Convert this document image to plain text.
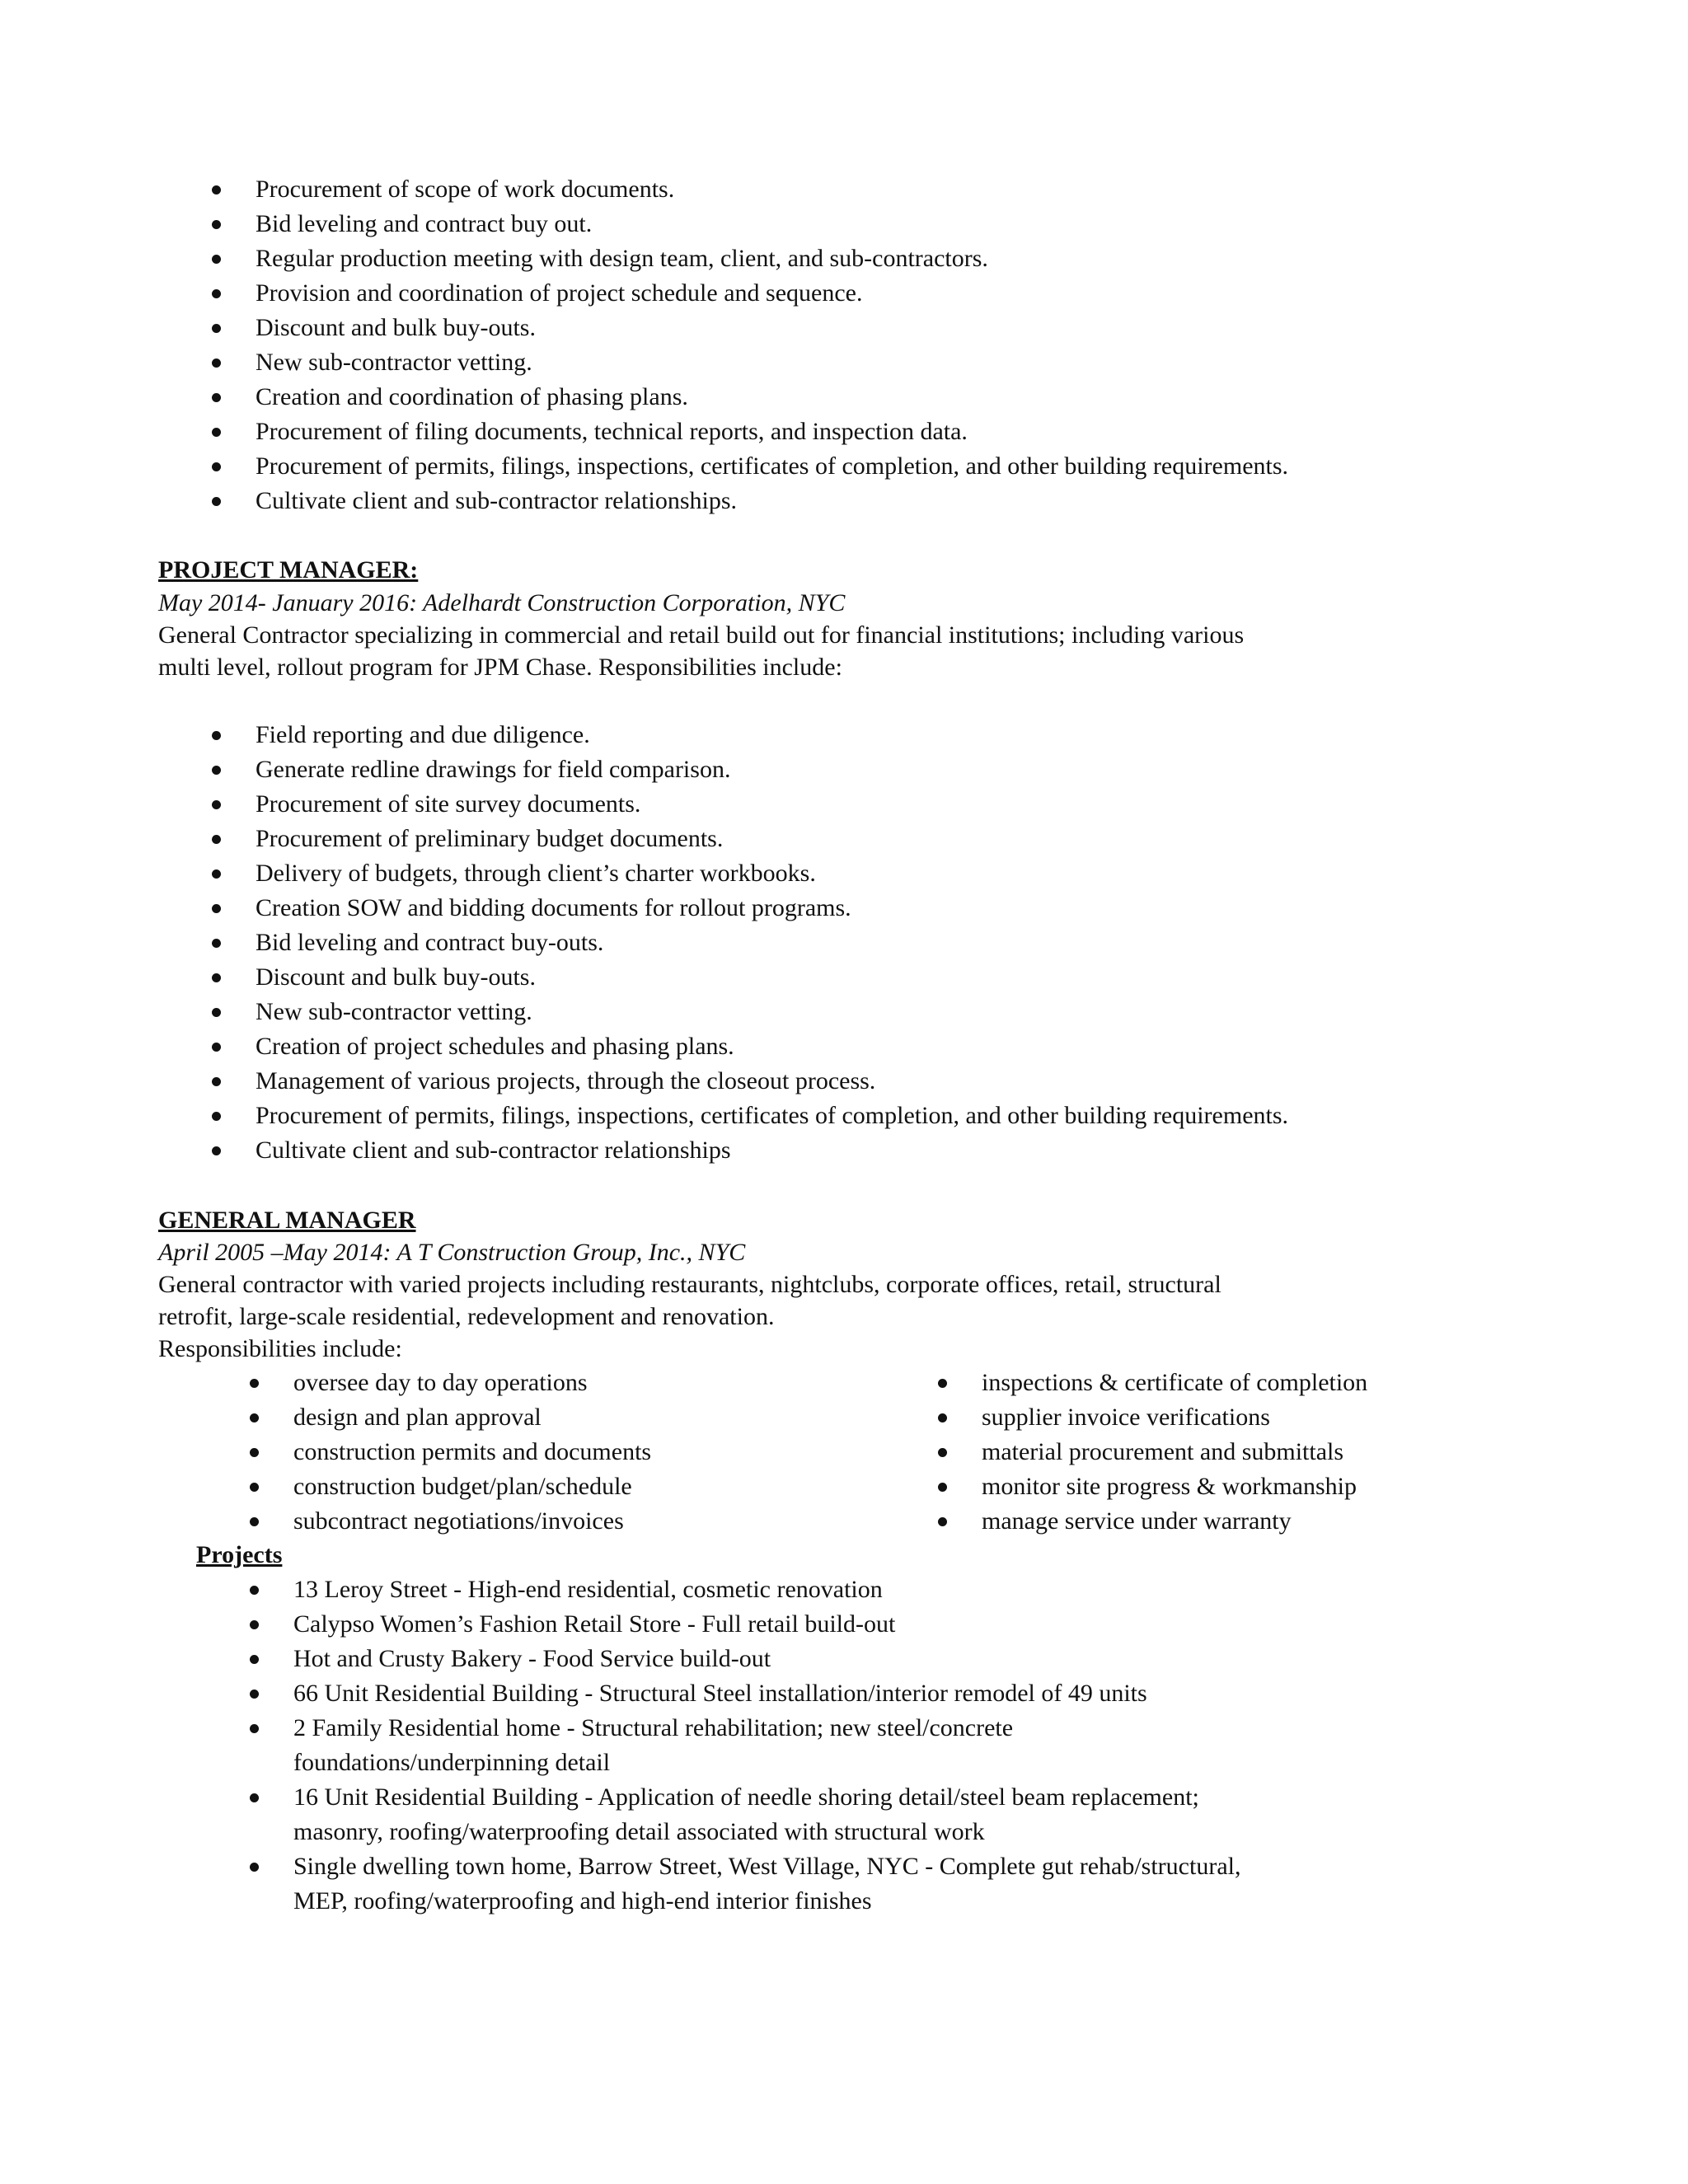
Procurement of scope of work documents.
Bid leveling and contract buy out.
Regular production meeting with design team, client, and sub-contractors.
Provision and coordination of project schedule and sequence.
Discount and bulk buy-outs.
New sub-contractor vetting.
Creation and coordination of phasing plans.
Procurement of filing documents, technical reports, and inspection data.
Procurement of permits, filings, inspections, certificates of completion, and other building requirements.
Cultivate client and sub-contractor relationships.
PROJECT MANAGER:
May 2014- January 2016: Adelhardt Construction Corporation, NYC
General Contractor specializing in commercial and retail build out for financial institutions; including various
multi level, rollout program for JPM Chase. Responsibilities include:
Field reporting and due diligence.
Generate redline drawings for field comparison.
Procurement of site survey documents.
Procurement of preliminary budget documents.
Delivery of budgets, through client’s charter workbooks.
Creation SOW and bidding documents for rollout programs.
Bid leveling and contract buy-outs.
Discount and bulk buy-outs.
New sub-contractor vetting.
Creation of project schedules and phasing plans.
Management of various projects, through the closeout process.
Procurement of permits, filings, inspections, certificates of completion, and other building requirements.
Cultivate client and sub-contractor relationships
GENERAL MANAGER
April 2005 –May 2014: A T Construction Group, Inc., NYC
General contractor with varied projects including restaurants, nightclubs, corporate offices, retail, structural
retrofit, large-scale residential, redevelopment and renovation.
Responsibilities include:
oversee day to day operations
design and plan approval
construction permits and documents
construction budget/plan/schedule
subcontract negotiations/invoices
inspections & certificate of completion
supplier invoice verifications
material procurement and submittals
monitor site progress & workmanship
manage service under warranty
Projects
13 Leroy Street - High-end residential, cosmetic renovation
Calypso Women’s Fashion Retail Store - Full retail build-out
Hot and Crusty Bakery - Food Service build-out
66 Unit Residential Building - Structural Steel installation/interior remodel of 49 units
2 Family Residential home - Structural rehabilitation; new steel/concrete
foundations/underpinning detail
16 Unit Residential Building - Application of needle shoring detail/steel beam replacement;
masonry, roofing/waterproofing detail associated with structural work
Single dwelling town home, Barrow Street, West Village, NYC - Complete gut rehab/structural,
MEP, roofing/waterproofing and high-end interior finishes
